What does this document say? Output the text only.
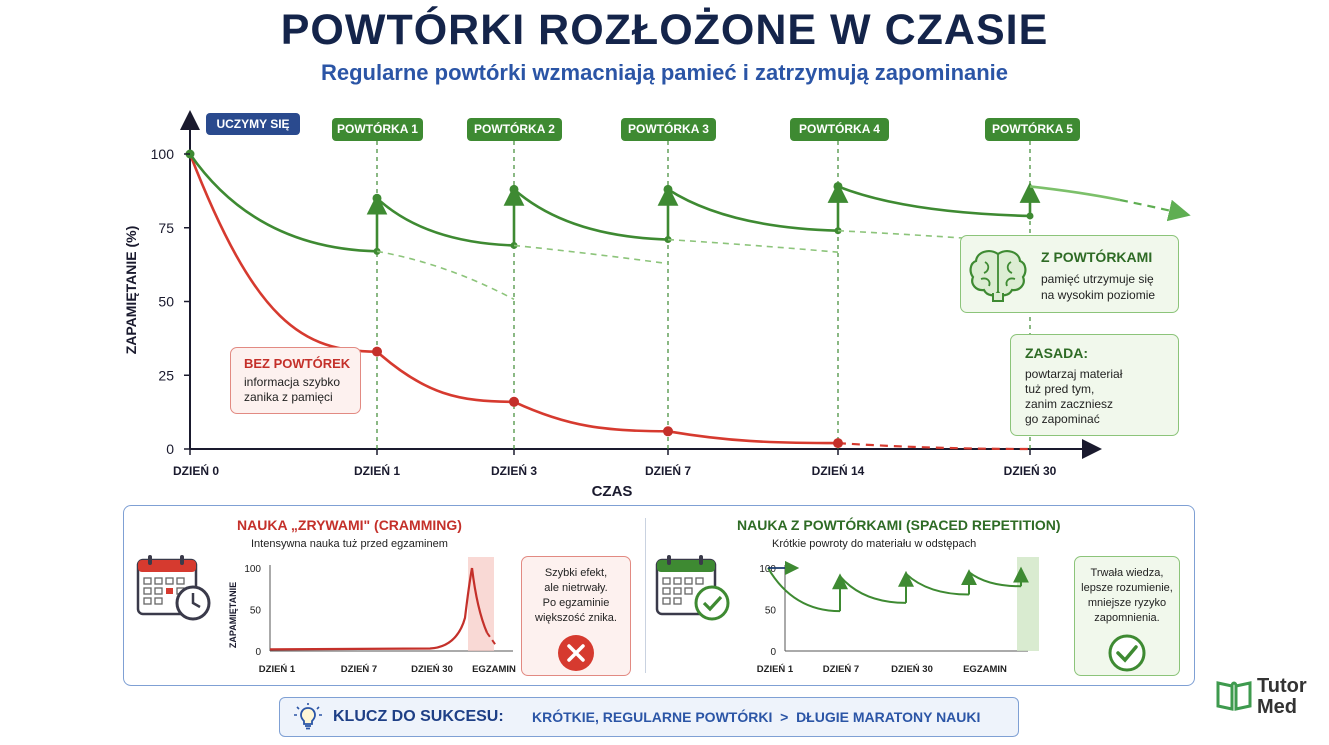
POWTÓRKI ROZŁOŻONE W CZASIE
Regularne powtórki wzmacniają pamieć i zatrzymują zapominanie
0
25
50
75
100
DZIEŃ 0	DZIEŃ 1	DZIEŃ 3	DZIEŃ 7	DZIEŃ 14	DZIEŃ 30
CZAS
ZAPAMIĘTANIE (%)
UCZYMY SIĘ	POWTÓRKA 1	POWTÓRKA 2	POWTÓRKA 3	POWTÓRKA 4	POWTÓRKA 5
BEZ POWTÓREK
informacja szybko
zanika z pamięci
Z POWTÓRKAMI
pamięć utrzymuje się
na wysokim poziomie
ZASADA:
powtarzaj materiał
tuż pred tym,
zanim zaczniesz
go zapominać
NAUKA „ZRYWAMI" (CRAMMING)
Intensywna nauka tuż przed egzaminem
NAUKA Z POWTÓRKAMI (SPACED REPETITION)
Krótkie powroty do materiału w odstępach
Szybki efekt,
ale nietrwały.
Po egzaminie
większość znika.
Trwała wiedza,
lepsze rozumienie,
mniejsze ryzyko
zapomnienia.
0
50
100
DZIEŃ 1	DZIEŃ 7	DZIEŃ 30 EGZAMIN
ZAPAMIĘTANIE
0
50
100
DZIEŃ 1	DZIEŃ 7	DZIEŃ 30	EGZAMIN
KLUCZ DO SUKCESU: KRÓTKIE, REGULARNE POWTÓRKI  >  DŁUGIE MARATONY NAUKI
Tutor
Med
